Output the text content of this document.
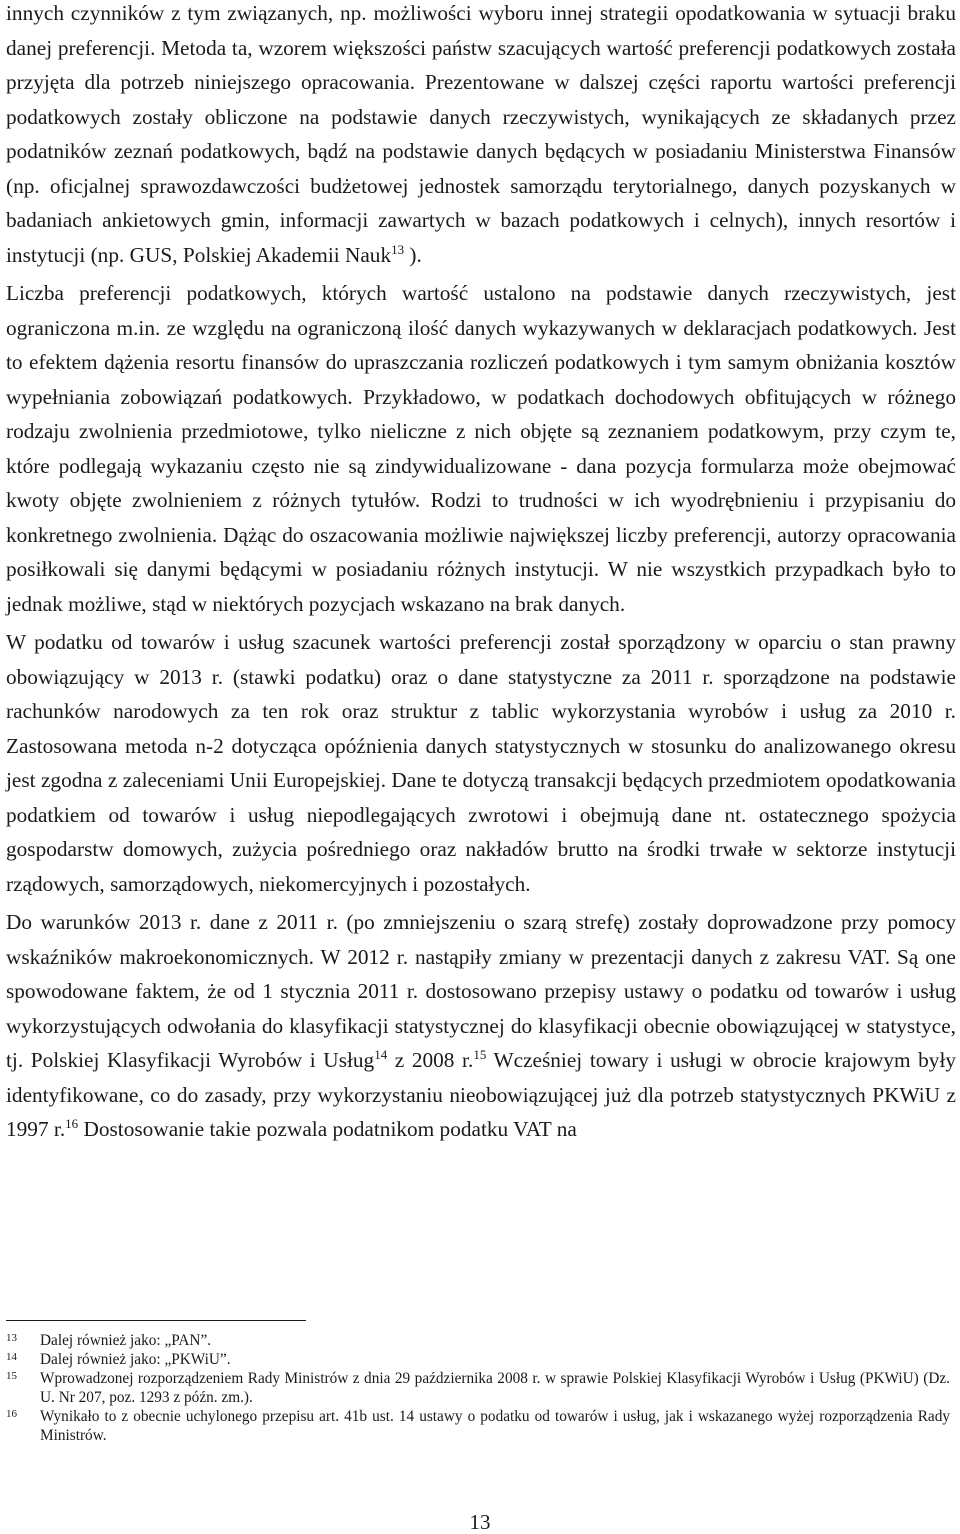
innych czynników z tym związanych, np. możliwości wyboru innej strategii opodatkowania w sytuacji braku danej preferencji. Metoda ta, wzorem większości państw szacujących wartość preferencji podatkowych została przyjęta dla potrzeb niniejszego opracowania. Prezentowane w dalszej części raportu wartości preferencji podatkowych zostały obliczone na podstawie danych rzeczywistych, wynikających ze składanych przez podatników zeznań podatkowych, bądź na podstawie danych będących w posiadaniu Ministerstwa Finansów (np. oficjalnej sprawozdawczości budżetowej jednostek samorządu terytorialnego, danych pozyskanych w badaniach ankietowych gmin, informacji zawartych w bazach podatkowych i celnych), innych resortów i instytucji (np. GUS, Polskiej Akademii Nauk$^{13}$ ).

Liczba preferencji podatkowych, których wartość ustalono na podstawie danych rzeczywistych, jest ograniczona m.in. ze względu na ograniczoną ilość danych wykazywanych w deklaracjach podatkowych. Jest to efektem dążenia resortu finansów do upraszczania rozliczeń podatkowych i tym samym obniżania kosztów wypełniania zobowiązań podatkowych. Przykładowo, w podatkach dochodowych obfitujących w różnego rodzaju zwolnienia przedmiotowe, tylko nieliczne z nich objęte są zeznaniem podatkowym, przy czym te, które podlegają wykazaniu często nie są zindywidualizowane - dana pozycja formularza może obejmować kwoty objęte zwolnieniem z różnych tytułów. Rodzi to trudności w ich wyodrębnieniu i przypisaniu do konkretnego zwolnienia. Dążąc do oszacowania możliwie największej liczby preferencji, autorzy opracowania posiłkowali się danymi będącymi w posiadaniu różnych instytucji. W nie wszystkich przypadkach było to jednak możliwe, stąd w niektórych pozycjach wskazano na brak danych.

W podatku od towarów i usług szacunek wartości preferencji został sporządzony w oparciu o stan prawny obowiązujący w 2013 r. (stawki podatku) oraz o dane statystyczne za 2011 r. sporządzone na podstawie rachunków narodowych za ten rok oraz struktur z tablic wykorzystania wyrobów i usług za 2010 r. Zastosowana metoda n-2 dotycząca opóźnienia danych statystycznych w stosunku do analizowanego okresu jest zgodna z zaleceniami Unii Europejskiej. Dane te dotyczą transakcji będących przedmiotem opodatkowania podatkiem od towarów i usług niepodlegających zwrotowi i obejmują dane nt. ostatecznego spożycia gospodarstw domowych, zużycia pośredniego oraz nakładów brutto na środki trwałe w sektorze instytucji rządowych, samorządowych, niekomercyjnych i pozostałych.

Do warunków 2013 r. dane z 2011 r. (po zmniejszeniu o szarą strefę) zostały doprowadzone przy pomocy wskaźników makroekonomicznych. W 2012 r. nastąpiły zmiany w prezentacji danych z zakresu VAT. Są one spowodowane faktem, że od 1 stycznia 2011 r. dostosowano przepisy ustawy o podatku od towarów i usług wykorzystujących odwołania do klasyfikacji statystycznej do klasyfikacji obecnie obowiązującej w statystyce, tj. Polskiej Klasyfikacji Wyrobów i Usług$^{14}$ z 2008 r.$^{15}$ Wcześniej towary i usługi w obrocie krajowym były identyfikowane, co do zasady, przy wykorzystaniu nieobowiązującej już dla potrzeb statystycznych PKWiU z 1997 r.$^{16}$ Dostosowanie takie pozwala podatnikom podatku VAT na

13	Dalej również jako: „PAN”.
14	Dalej również jako: „PKWiU”.
15	Wprowadzonej rozporządzeniem Rady Ministrów z dnia 29 października 2008 r. w sprawie Polskiej Klasyfikacji Wyrobów i Usług (PKWiU) (Dz. U. Nr 207, poz. 1293 z późn. zm.).
16	Wynikało to z obecnie uchylonego przepisu art. 41b ust. 14 ustawy o podatku od towarów i usług, jak i wskazanego wyżej rozporządzenia Rady Ministrów.
13
